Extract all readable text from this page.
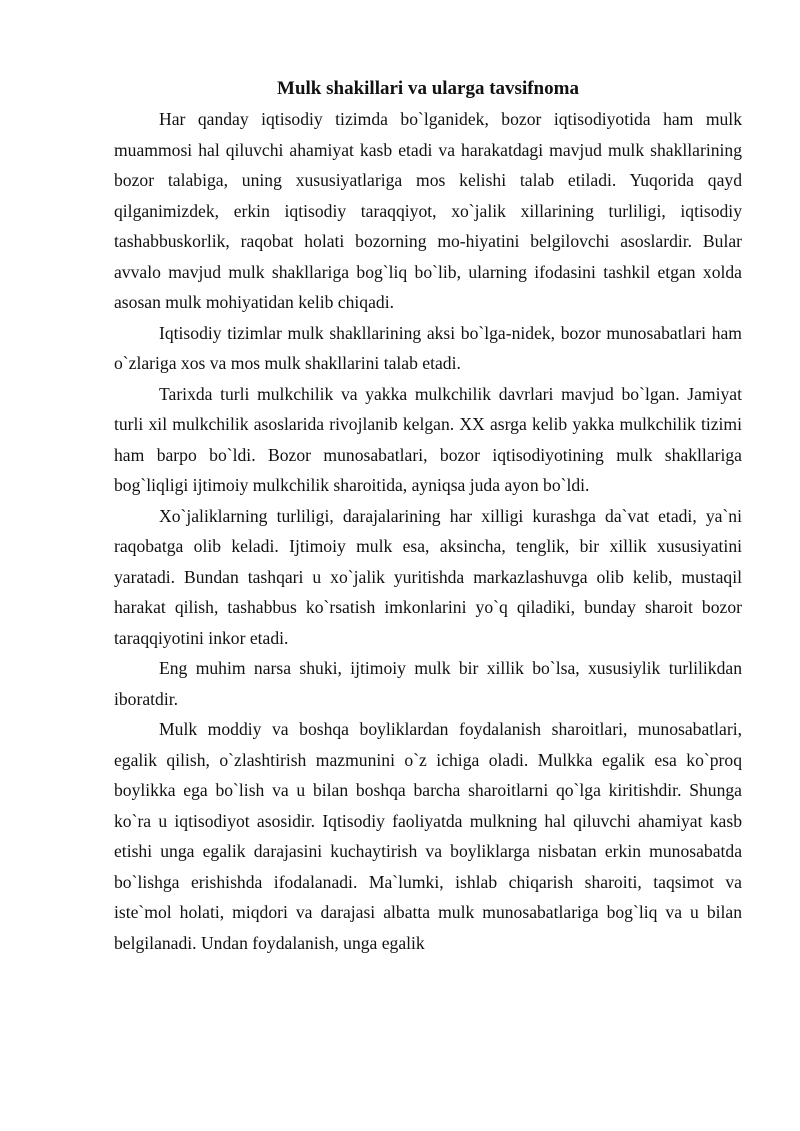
Mulk shakillari va ularga tavsifnoma

Har qanday iqtisodiy tizimda bo`lganidek, bozor iqtisodiyotida ham mulk muammosi hal qiluvchi ahamiyat kasb etadi va harakatdagi mavjud mulk shakllarining bozor talabiga, uning xususiyatlariga mos kelishi talab etiladi. Yuqorida qayd qilganimizdek, erkin iqtisodiy taraqqiyot, xo`jalik xillarining turliligi, iqtisodiy tashabbuskorlik, raqobat holati bozorning mo-hiyatini belgilovchi asoslardir. Bular avvalo mavjud mulk shakllariga bog`liq bo`lib, ularning ifodasini tashkil etgan xolda asosan mulk mohiyatidan kelib chiqadi.

Iqtisodiy tizimlar mulk shakllarining aksi bo`lga-nidek, bozor munosabatlari ham o`zlariga xos va mos mulk shakllarini talab etadi.

Tarixda turli mulkchilik va yakka mulkchilik davrlari mavjud bo`lgan. Jamiyat turli xil mulkchilik asoslarida rivojlanib kelgan. XX asrga kelib yakka mulkchilik tizimi ham barpo bo`ldi. Bozor munosabatlari, bozor iqtisodiyotining mulk shakllariga bog`liqligi ijtimoiy mulkchilik sharoitida, ayniqsa juda ayon bo`ldi.

Xo`jaliklarning turliligi, darajalarining har xilligi kurashga da`vat etadi, ya`ni raqobatga olib keladi. Ijtimoiy mulk esa, aksincha, tenglik, bir xillik xususiyatini yaratadi. Bundan tashqari u xo`jalik yuritishda markazlashuvga olib kelib, mustaqil harakat qilish, tashabbus ko`rsatish imkonlarini yo`q qiladiki, bunday sharoit bozor taraqqiyotini inkor etadi.

Eng muhim narsa shuki, ijtimoiy mulk bir xillik bo`lsa, xususiylik turlilikdan iboratdir.

Mulk moddiy va boshqa boyliklardan foydalanish sharoitlari, munosabatlari, egalik qilish, o`zlashtirish mazmunini o`z ichiga oladi. Mulkka egalik esa ko`proq boylikka ega bo`lish va u bilan boshqa barcha sharoitlarni qo`lga kiritishdir. Shunga ko`ra u iqtisodiyot asosidir. Iqtisodiy faoliyatda mulkning hal qiluvchi ahamiyat kasb etishi unga egalik darajasini kuchaytirish va boyliklarga nisbatan erkin munosabatda bo`lishga erishishda ifodalanadi. Ma`lumki, ishlab chiqarish sharoiti, taqsimot va iste`mol holati, miqdori va darajasi albatta mulk munosabatlariga bog`liq va u bilan belgilanadi. Undan foydalanish, unga egalik
